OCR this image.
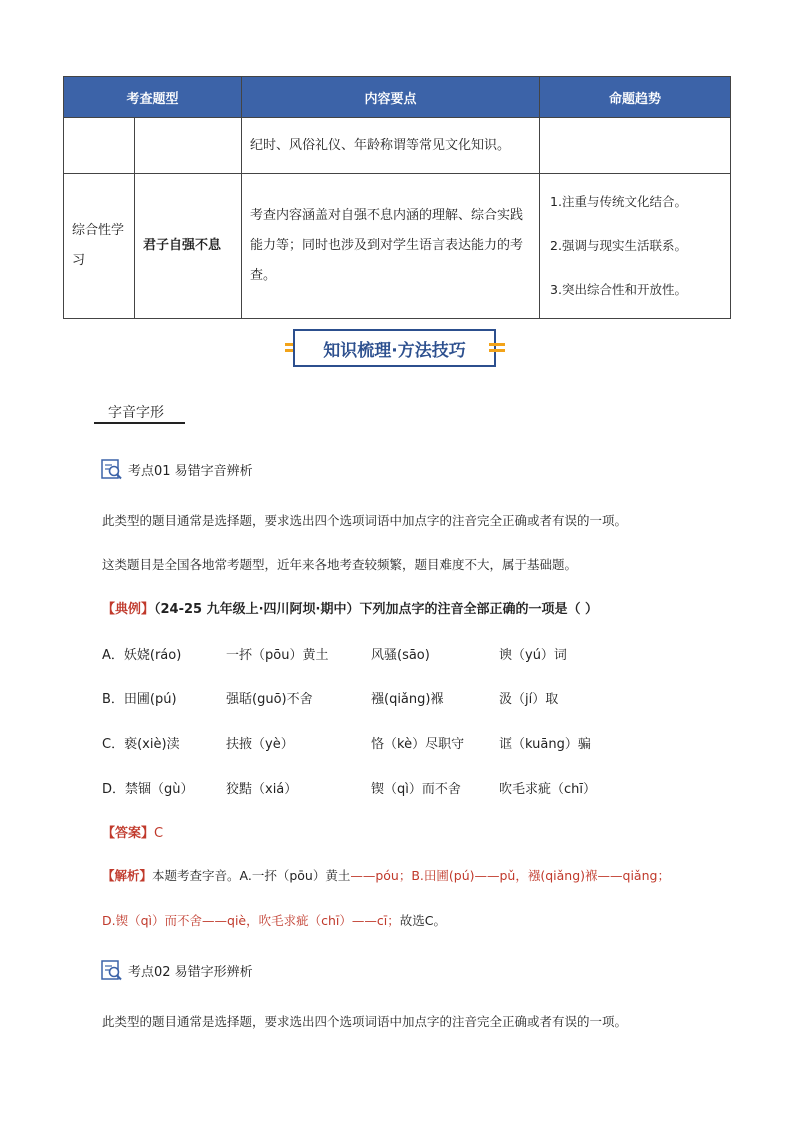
考查题型		内容要点	命题趋势
		纪时、风俗礼仪、年龄称谓等常见文化知识。	
综合性学习	君子自强不息	考查内容涵盖对自强不息内涵的理解、综合实践能力等；同时也涉及到对学生语言表达能力的考查。	1.注重与传统文化结合。
2.强调与现实生活联系。
3.突出综合性和开放性。
知识梳理·方法技巧
字音字形
考点01 易错字音辨析
此类型的题目通常是选择题，要求选出四个选项词语中加点字的注音完全正确或者有误的一项。
这类题目是全国各地常考题型，近年来各地考查较频繁，题目难度不大，属于基础题。
【典例】（24-25 九年级上·四川阿坝·期中）下列加点字的注音全部正确的一项是（ ）
A．妖娆(ráo)	一抔（pōu）黄土	风骚(sāo)	谀（yú）词
B．田圃(pú)	强聒(guō)不舍	襁(qiǎng)褓	汲（jí）取
C．亵(xiè)渎	扶掖（yè）	恪（kè）尽职守	诓（kuāng）骗
D．禁锢（gù） 狡黠（xiá）	锲（qì）而不舍	吹毛求疵（chī）
【答案】C
【解析】本题考查字音。A.一抔（pōu）黄土——póu；B.田圃(pú)——pǔ，襁(qiǎng)褓——qiǎng；
D.锲（qì）而不舍——qiè，吹毛求疵（chī）——cī；故选C。
考点02 易错字形辨析
此类型的题目通常是选择题，要求选出四个选项词语中加点字的注音完全正确或者有误的一项。
